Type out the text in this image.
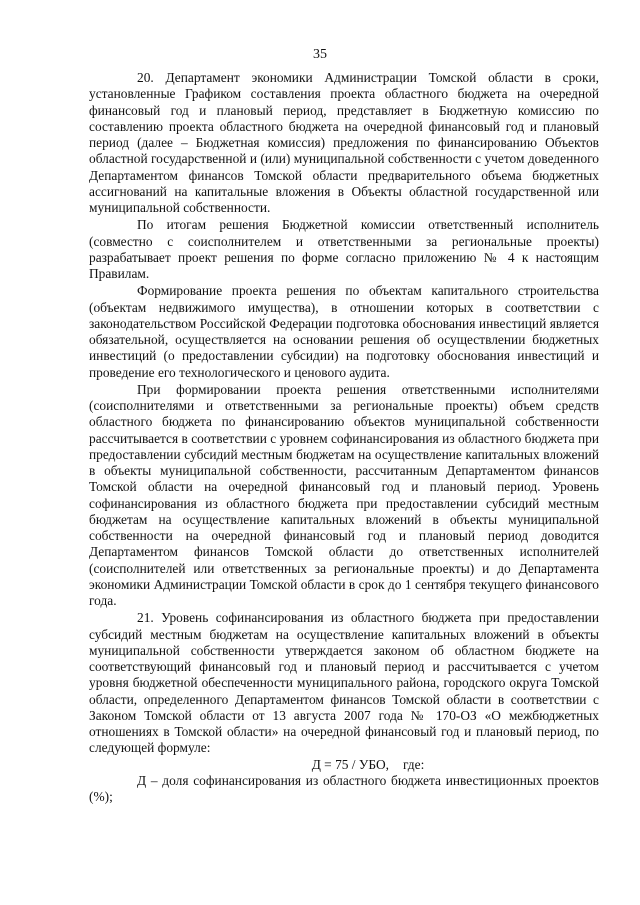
35

20. Департамент экономики Администрации Томской области в сроки, установленные Графиком составления проекта областного бюджета на очередной финансовый год и плановый период, представляет в Бюджетную комиссию по составлению проекта областного бюджета на очередной финансовый год и плановый период (далее – Бюджетная комиссия) предложения по финансированию Объектов областной государственной и (или) муниципальной собственности с учетом доведенного Департаментом финансов Томской области предварительного объема бюджетных ассигнований на капитальные вложения в Объекты областной государственной или муниципальной собственности.

По итогам решения Бюджетной комиссии ответственный исполнитель (совместно с соисполнителем и ответственными за региональные проекты) разрабатывает проект решения по форме согласно приложению № 4 к настоящим Правилам.

Формирование проекта решения по объектам капитального строительства (объектам недвижимого имущества), в отношении которых в соответствии с законодательством Российской Федерации подготовка обоснования инвестиций является обязательной, осуществляется на основании решения об осуществлении бюджетных инвестиций (о предоставлении субсидии) на подготовку обоснования инвестиций и проведение его технологического и ценового аудита.

При формировании проекта решения ответственными исполнителями (соисполнителями и ответственными за региональные проекты) объем средств областного бюджета по финансированию объектов муниципальной собственности рассчитывается в соответствии с уровнем софинансирования из областного бюджета при предоставлении субсидий местным бюджетам на осуществление капитальных вложений в объекты муниципальной собственности, рассчитанным Департаментом финансов Томской области на очередной финансовый год и плановый период. Уровень софинансирования из областного бюджета при предоставлении субсидий местным бюджетам на осуществление капитальных вложений в объекты муниципальной собственности на очередной финансовый год и плановый период доводится Департаментом финансов Томской области до ответственных исполнителей (соисполнителей или ответственных за региональные проекты) и до Департамента экономики Администрации Томской области в срок до 1 сентября текущего финансового года.

21. Уровень софинансирования из областного бюджета при предоставлении субсидий местным бюджетам на осуществление капитальных вложений в объекты муниципальной собственности утверждается законом об областном бюджете на соответствующий финансовый год и плановый период и рассчитывается с учетом уровня бюджетной обеспеченности муниципального района, городского округа Томской области, определенного Департаментом финансов Томской области в соответствии с Законом Томской области от 13 августа 2007 года № 170-ОЗ «О межбюджетных отношениях в Томской области» на очередной финансовый год и плановый период, по следующей формуле:

Д = 75 / УБО, где:

Д – доля софинансирования из областного бюджета инвестиционных проектов (%);
